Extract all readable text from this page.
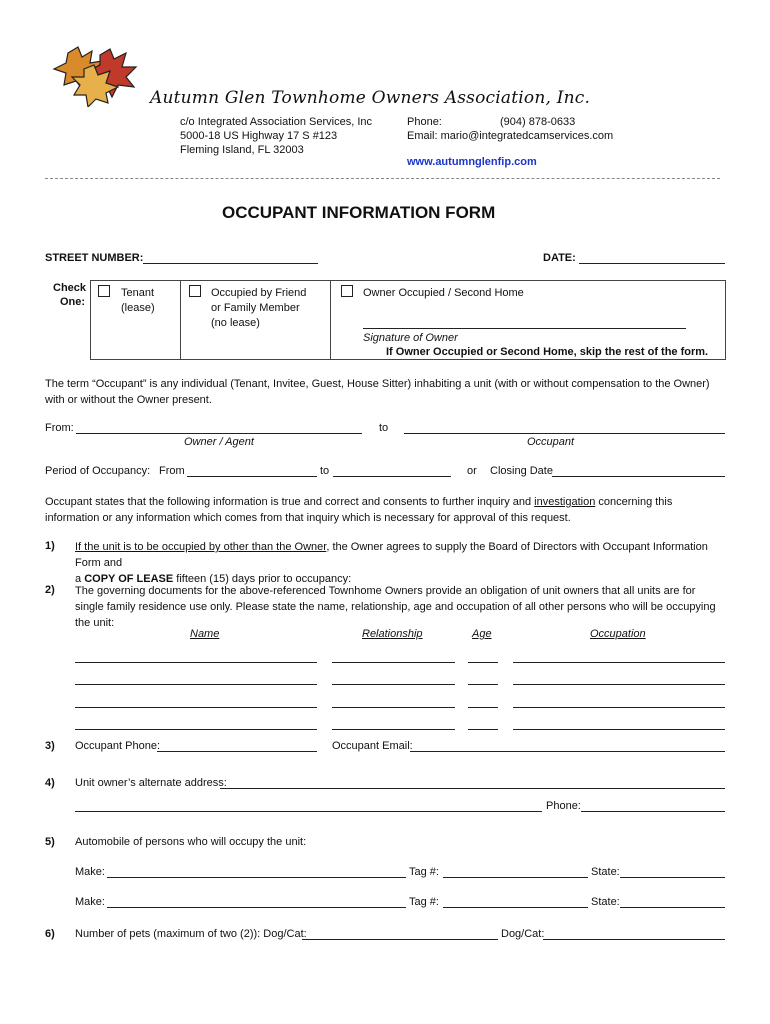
Autumn Glen Townhome Owners Association, Inc.
c/o Integrated Association Services, Inc
5000-18 US Highway 17 S #123
Fleming Island, FL 32003
Phone:	(904) 878-0633
Email: mario@integratedcamservices.com
www.autumnglenfip.com
OCCUPANT INFORMATION FORM
STREET NUMBER:	DATE:
Check
One:
Tenant
(lease)
Occupied by Friend
or Family Member
(no lease)
Owner Occupied / Second Home
Signature of Owner
If Owner Occupied or Second Home, skip the rest of the form.
The term “Occupant” is any individual (Tenant, Invitee, Guest, House Sitter) inhabiting a unit (with or without compensation to the Owner) with or without the Owner present.
From:	to
Owner / Agent	Occupant
Period of Occupancy: From	to	or Closing Date
Occupant states that the following information is true and correct and consents to further inquiry and investigation concerning this information or any information which comes from that inquiry which is necessary for approval of this request.
1) If the unit is to be occupied by other than the Owner, the Owner agrees to supply the Board of Directors with Occupant Information Form and
a COPY OF LEASE fifteen (15) days prior to occupancy:
2) The governing documents for the above-referenced Townhome Owners provide an obligation of unit owners that all units are for single family residence use only. Please state the name, relationship, age and occupation of all other persons who will be occupying the unit:
Name	Relationship	Age	Occupation
3) Occupant Phone:	Occupant Email:
4) Unit owner’s alternate address:
Phone:
5) Automobile of persons who will occupy the unit:
Make:	Tag #:	State:
Make:	Tag #:	State:
6) Number of pets (maximum of two (2)): Dog/Cat:	Dog/Cat:
